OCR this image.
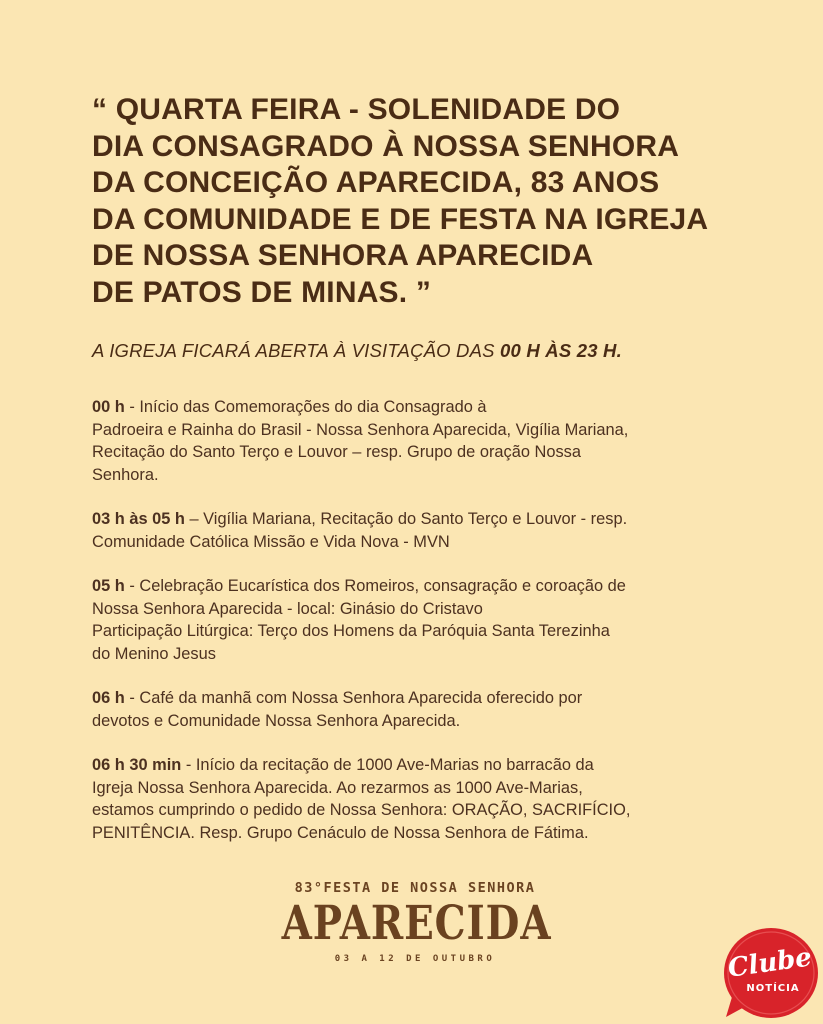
“ QUARTA FEIRA - SOLENIDADE DO
DIA CONSAGRADO À NOSSA SENHORA
DA CONCEIÇÃO APARECIDA, 83 ANOS
DA COMUNIDADE E DE FESTA NA IGREJA
DE NOSSA SENHORA APARECIDA
DE PATOS DE MINAS. ”
A IGREJA FICARÁ ABERTA À VISITAÇÃO DAS 00 H ÀS 23 H.
00 h - Início das Comemorações do dia Consagrado à
Padroeira e Rainha do Brasil - Nossa Senhora Aparecida, Vigília Mariana,
Recitação do Santo Terço e Louvor – resp. Grupo de oração Nossa
Senhora.
03 h às 05 h – Vigília Mariana, Recitação do Santo Terço e Louvor - resp.
Comunidade Católica Missão e Vida Nova - MVN
05 h - Celebração Eucarística dos Romeiros, consagração e coroação de
Nossa Senhora Aparecida - local: Ginásio do Cristavo
Participação Litúrgica: Terço dos Homens da Paróquia Santa Terezinha
do Menino Jesus
06 h - Café da manhã com Nossa Senhora Aparecida oferecido por
devotos e Comunidade Nossa Senhora Aparecida.
06 h 30 min - Início da recitação de 1000 Ave-Marias no barracão da
Igreja Nossa Senhora Aparecida. Ao rezarmos as 1000 Ave-Marias,
estamos cumprindo o pedido de Nossa Senhora: ORAÇÃO, SACRIFÍCIO,
PENITÊNCIA. Resp. Grupo Cenáculo de Nossa Senhora de Fátima.
83°FESTA DE NOSSA SENHORA
APARECIDA
03 A 12 DE OUTUBRO	Clube
NOTÍCIA
